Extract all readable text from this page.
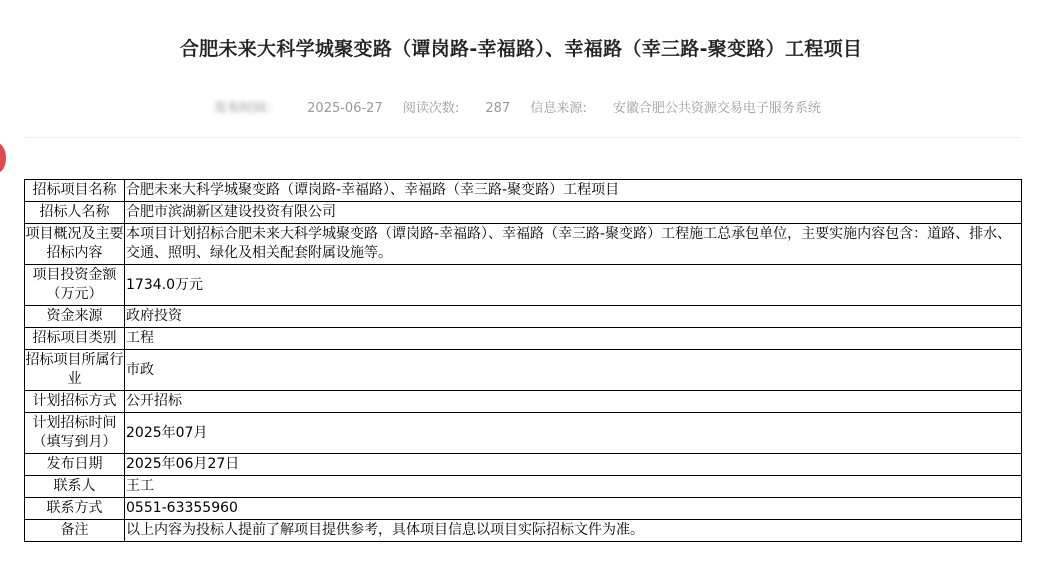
合肥未来大科学城聚变路（谭岗路-幸福路）、幸福路（幸三路-聚变路）工程项目
发布时间： 2025-06-27 阅读次数: 287 信息来源: 安徽合肥公共资源交易电子服务系统
招标项目名称	合肥未来大科学城聚变路（谭岗路-幸福路）、幸福路（幸三路-聚变路）工程项目
招标人名称	合肥市滨湖新区建设投资有限公司
项目概况及主要招标内容	本项目计划招标合肥未来大科学城聚变路（谭岗路-幸福路）、幸福路（幸三路-聚变路）工程施工总承包单位，主要实施内容包含：道路、排水、交通、照明、绿化及相关配套附属设施等。
项目投资金额（万元）	1734.0万元
资金来源	政府投资
招标项目类别	工程
招标项目所属行业	市政
计划招标方式	公开招标
计划招标时间（填写到月）	2025年07月
发布日期	2025年06月27日
联系人	王工
联系方式	0551-63355960
备注	以上内容为投标人提前了解项目提供参考，具体项目信息以项目实际招标文件为准。
